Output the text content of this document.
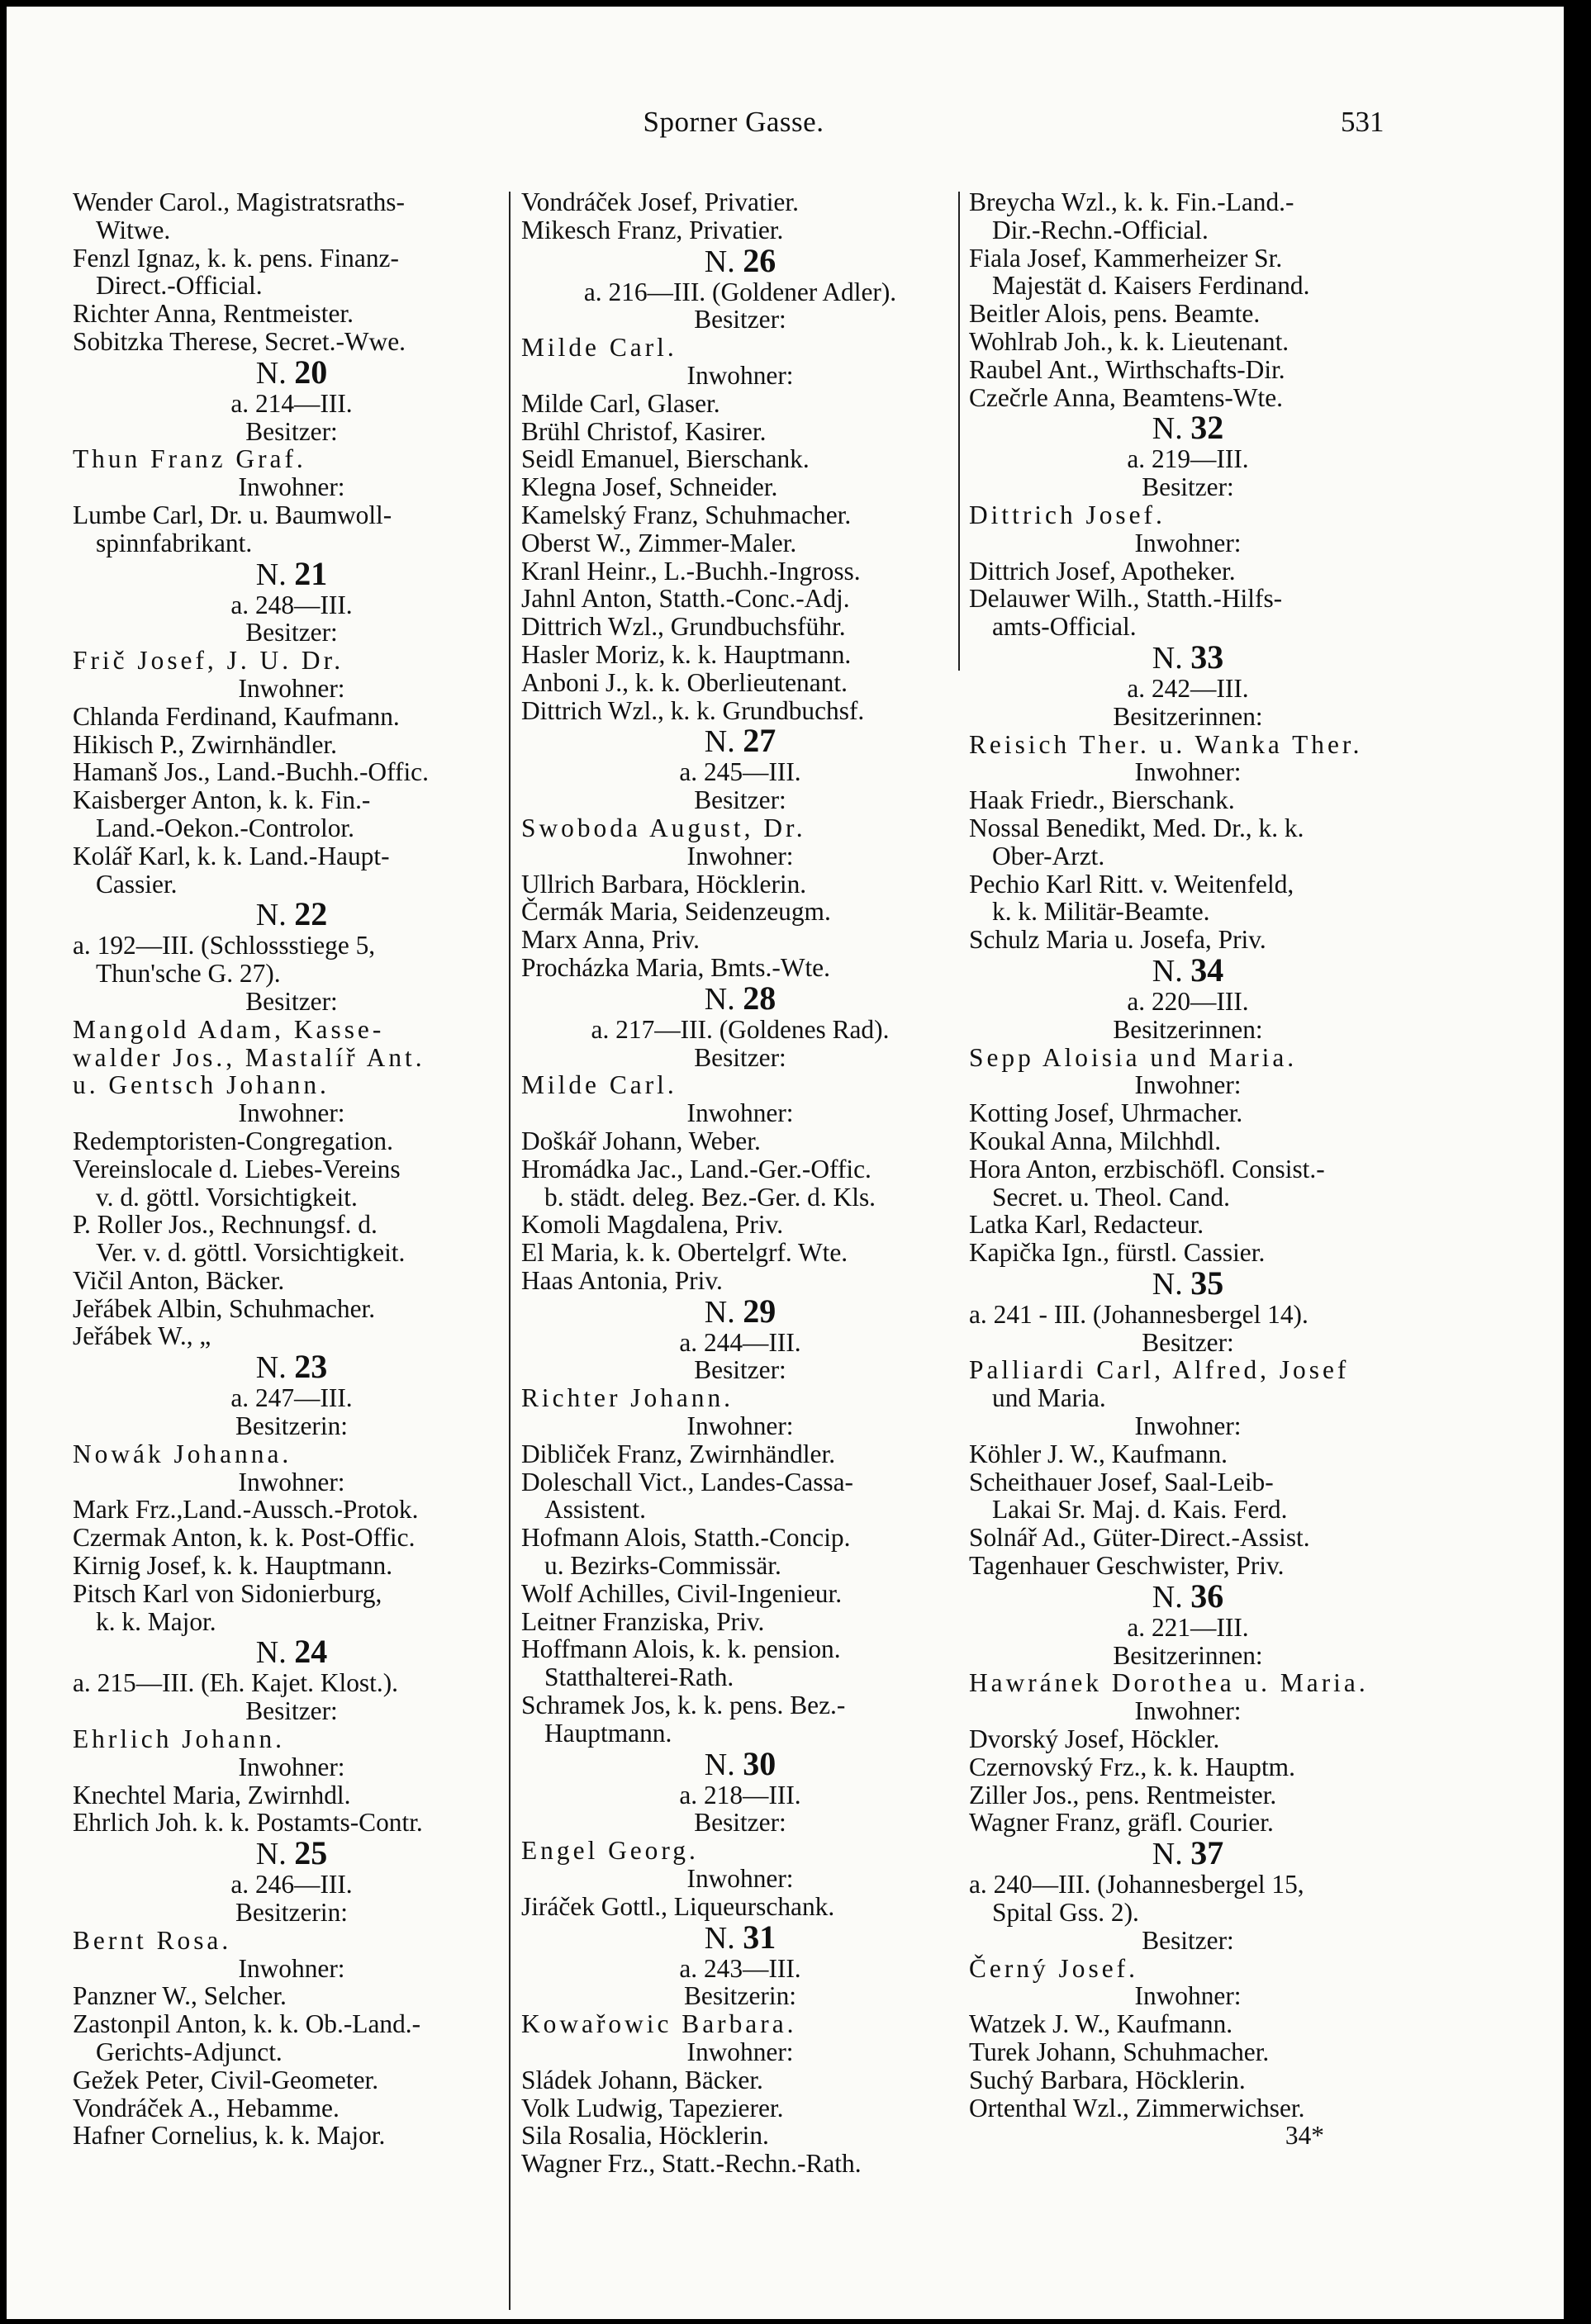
Sporner Gasse.	531
Wender Carol., Magistratsraths-
Witwe.
Fenzl Ignaz, k. k. pens. Finanz-
Direct.-Official.
Richter Anna, Rentmeister.
Sobitzka Therese, Secret.-Wwe.
N. 20
a. 214—III.
Besitzer:
Thun Franz Graf.
Inwohner:
Lumbe Carl, Dr. u. Baumwoll-
spinnfabrikant.
N. 21
a. 248—III.
Besitzer:
Frič Josef, J. U. Dr.
Inwohner:
Chlanda Ferdinand, Kaufmann.
Hikisch P., Zwirnhändler.
Hamanš Jos., Land.-Buchh.-Offic.
Kaisberger Anton, k. k. Fin.-
Land.-Oekon.-Controlor.
Kolář Karl, k. k. Land.-Haupt-
Cassier.
N. 22
a. 192—III. (Schlossstiege 5,
Thun'sche G. 27).
Besitzer:
Mangold Adam, Kasse-
walder Jos., Mastalíř Ant.
u. Gentsch Johann.
Inwohner:
Redemptoristen-Congregation.
Vereinslocale d. Liebes-Vereins
v. d. göttl. Vorsichtigkeit.
P. Roller Jos., Rechnungsf. d.
Ver. v. d. göttl. Vorsichtigkeit.
Vičil Anton, Bäcker.
Jeřábek Albin, Schuhmacher.
Jeřábek W., „
N. 23
a. 247—III.
Besitzerin:
Nowák Johanna.
Inwohner:
Mark Frz.,Land.-Aussch.-Protok.
Czermak Anton, k. k. Post-Offic.
Kirnig Josef, k. k. Hauptmann.
Pitsch Karl von Sidonierburg,
k. k. Major.
N. 24
a. 215—III. (Eh. Kajet. Klost.).
Besitzer:
Ehrlich Johann.
Inwohner:
Knechtel Maria, Zwirnhdl.
Ehrlich Joh. k. k. Postamts-Contr.
N. 25
a. 246—III.
Besitzerin:
Bernt Rosa.
Inwohner:
Panzner W., Selcher.
Zastonpil Anton, k. k. Ob.-Land.-
Gerichts-Adjunct.
Gežek Peter, Civil-Geometer.
Vondráček A., Hebamme.
Hafner Cornelius, k. k. Major.
Vondráček Josef, Privatier.
Mikesch Franz, Privatier.
N. 26
a. 216—III. (Goldener Adler).
Besitzer:
Milde Carl.
Inwohner:
Milde Carl, Glaser.
Brühl Christof, Kasirer.
Seidl Emanuel, Bierschank.
Klegna Josef, Schneider.
Kamelský Franz, Schuhmacher.
Oberst W., Zimmer-Maler.
Kranl Heinr., L.-Buchh.-Ingross.
Jahnl Anton, Statth.-Conc.-Adj.
Dittrich Wzl., Grundbuchsführ.
Hasler Moriz, k. k. Hauptmann.
Anboni J., k. k. Oberlieutenant.
Dittrich Wzl., k. k. Grundbuchsf.
N. 27
a. 245—III.
Besitzer:
Swoboda August, Dr.
Inwohner:
Ullrich Barbara, Höcklerin.
Čermák Maria, Seidenzeugm.
Marx Anna, Priv.
Procházka Maria, Bmts.-Wte.
N. 28
a. 217—III. (Goldenes Rad).
Besitzer:
Milde Carl.
Inwohner:
Doškář Johann, Weber.
Hromádka Jac., Land.-Ger.-Offic.
b. städt. deleg. Bez.-Ger. d. Kls.
Komoli Magdalena, Priv.
El Maria, k. k. Obertelgrf. Wte.
Haas Antonia, Priv.
N. 29
a. 244—III.
Besitzer:
Richter Johann.
Inwohner:
Dibliček Franz, Zwirnhändler.
Doleschall Vict., Landes-Cassa-
Assistent.
Hofmann Alois, Statth.-Concip.
u. Bezirks-Commissär.
Wolf Achilles, Civil-Ingenieur.
Leitner Franziska, Priv.
Hoffmann Alois, k. k. pension.
Statthalterei-Rath.
Schramek Jos, k. k. pens. Bez.-
Hauptmann.
N. 30
a. 218—III.
Besitzer:
Engel Georg.
Inwohner:
Jiráček Gottl., Liqueurschank.
N. 31
a. 243—III.
Besitzerin:
Kowařowic Barbara.
Inwohner:
Sládek Johann, Bäcker.
Volk Ludwig, Tapezierer.
Sila Rosalia, Höcklerin.
Wagner Frz., Statt.-Rechn.-Rath.
Breycha Wzl., k. k. Fin.-Land.-
Dir.-Rechn.-Official.
Fiala Josef, Kammerheizer Sr.
Majestät d. Kaisers Ferdinand.
Beitler Alois, pens. Beamte.
Wohlrab Joh., k. k. Lieutenant.
Raubel Ant., Wirthschafts-Dir.
Czečrle Anna, Beamtens-Wte.
N. 32
a. 219—III.
Besitzer:
Dittrich Josef.
Inwohner:
Dittrich Josef, Apotheker.
Delauwer Wilh., Statth.-Hilfs-
amts-Official.
N. 33
a. 242—III.
Besitzerinnen:
Reisich Ther. u. Wanka Ther.
Inwohner:
Haak Friedr., Bierschank.
Nossal Benedikt, Med. Dr., k. k.
Ober-Arzt.
Pechio Karl Ritt. v. Weitenfeld,
k. k. Militär-Beamte.
Schulz Maria u. Josefa, Priv.
N. 34
a. 220—III.
Besitzerinnen:
Sepp Aloisia und Maria.
Inwohner:
Kotting Josef, Uhrmacher.
Koukal Anna, Milchhdl.
Hora Anton, erzbischöfl. Consist.-
Secret. u. Theol. Cand.
Latka Karl, Redacteur.
Kapička Ign., fürstl. Cassier.
N. 35
a. 241 - III. (Johannesbergel 14).
Besitzer:
Palliardi Carl, Alfred, Josef
und Maria.
Inwohner:
Köhler J. W., Kaufmann.
Scheithauer Josef, Saal-Leib-
Lakai Sr. Maj. d. Kais. Ferd.
Solnář Ad., Güter-Direct.-Assist.
Tagenhauer Geschwister, Priv.
N. 36
a. 221—III.
Besitzerinnen:
Hawránek Dorothea u. Maria.
Inwohner:
Dvorský Josef, Höckler.
Czernovský Frz., k. k. Hauptm.
Ziller Jos., pens. Rentmeister.
Wagner Franz, gräfl. Courier.
N. 37
a. 240—III. (Johannesbergel 15,
Spital Gss. 2).
Besitzer:
Černý Josef.
Inwohner:
Watzek J. W., Kaufmann.
Turek Johann, Schuhmacher.
Suchý Barbara, Höcklerin.
Ortenthal Wzl., Zimmerwichser.
34*
